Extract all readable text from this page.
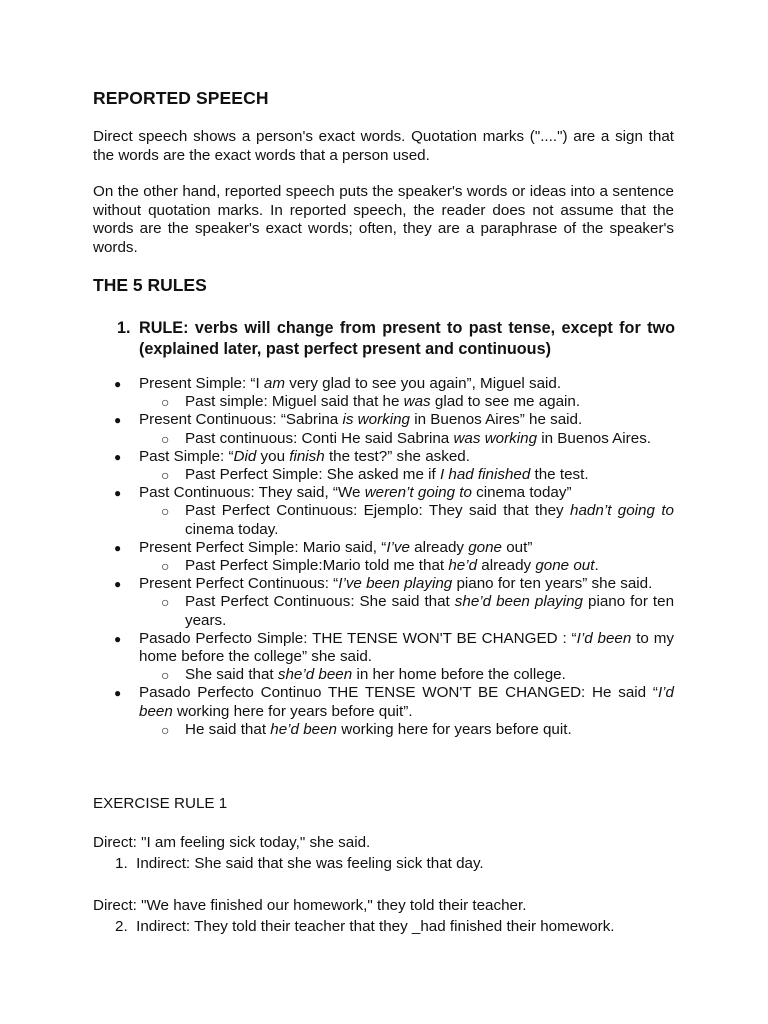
REPORTED SPEECH

Direct speech shows a person's exact words. Quotation marks ("....") are a sign that the words are the exact words that a person used.

On the other hand, reported speech puts the speaker's words or ideas into a sentence without quotation marks. In reported speech, the reader does not assume that the words are the speaker's exact words; often, they are a paraphrase of the speaker's words.

THE 5 RULES
1. RULE: verbs will change from present to past tense, except for two (explained later, past perfect present and continuous)
● Present Simple: “I am very glad to see you again”, Miguel said.
○ Past simple: Miguel said that he was glad to see me again.
● Present Continuous: “Sabrina is working in Buenos Aires” he said.
○ Past continuous: Conti He said Sabrina was working in Buenos Aires.
● Past Simple: “Did you finish the test?” she asked.
○ Past Perfect Simple: She asked me if I had finished the test.
● Past Continuous: They said, “We weren’t going to cinema today”
○ Past Perfect Continuous: Ejemplo: They said that they hadn’t going to cinema today.
● Present Perfect Simple: Mario said, “I’ve already gone out”
○ Past Perfect Simple:Mario told me that he’d already gone out.
● Present Perfect Continuous: “I’ve been playing piano for ten years” she said.
○ Past Perfect Continuous: She said that she’d been playing piano for ten years.
● Pasado Perfecto Simple: THE TENSE WON'T BE CHANGED : “I’d been to my home before the college” she said.
○ She said that she’d been in her home before the college.
● Pasado Perfecto Continuo THE TENSE WON'T BE CHANGED: He said “I’d been working here for years before quit”.
○ He said that he’d been working here for years before quit.
EXERCISE RULE 1
Direct: "I am feeling sick today," she said.
1. Indirect: She said that she was feeling sick that day.
Direct: "We have finished our homework," they told their teacher.
2. Indirect: They told their teacher that they _had finished their homework.
